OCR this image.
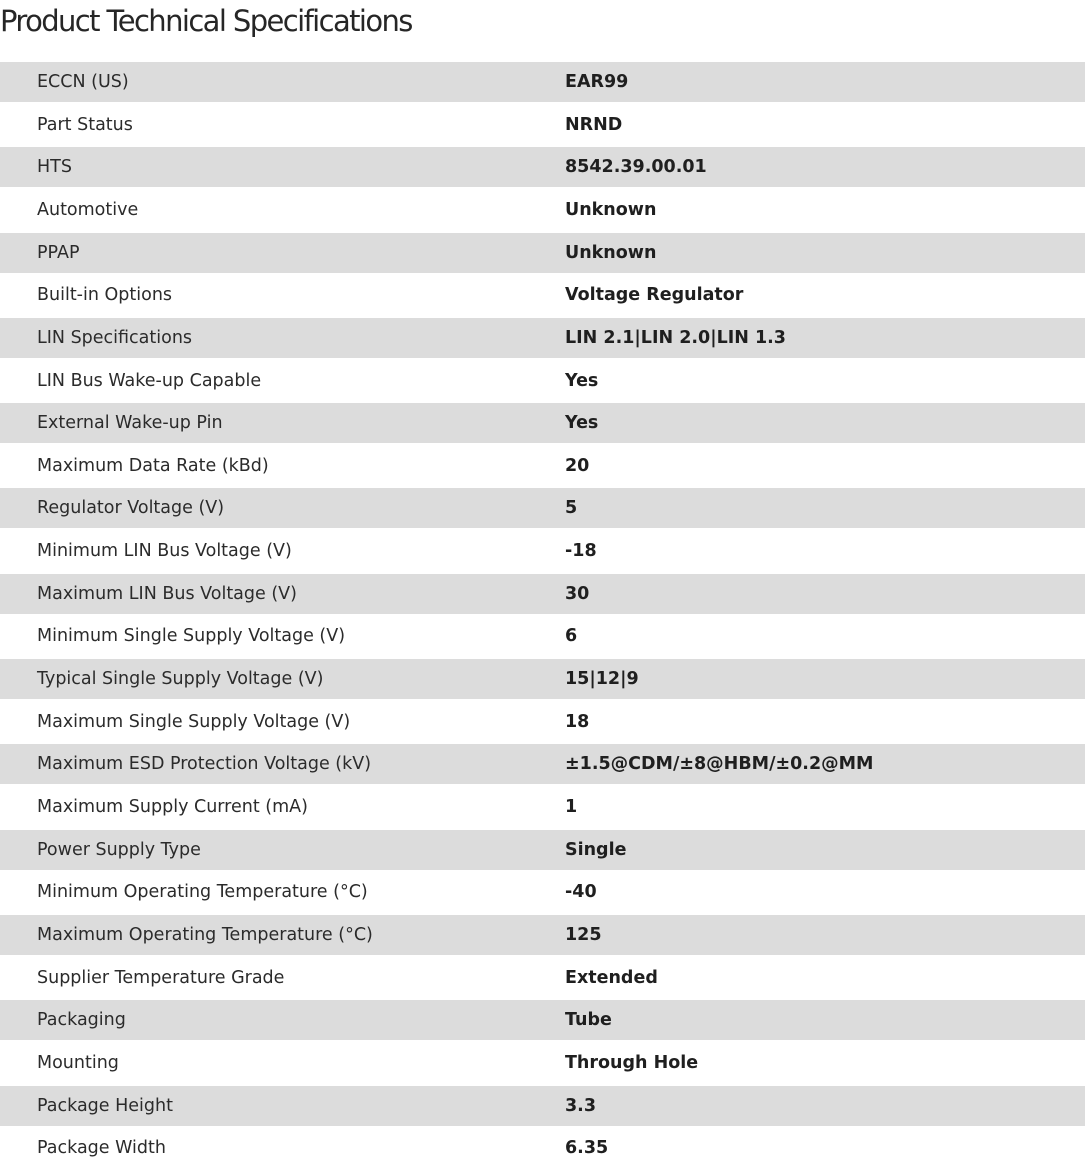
Product Technical Specifications
ECCN (US)	EAR99
Part Status	NRND
HTS	8542.39.00.01
Automotive	Unknown
PPAP	Unknown
Built-in Options	Voltage Regulator
LIN Specifications	LIN 2.1|LIN 2.0|LIN 1.3
LIN Bus Wake-up Capable	Yes
External Wake-up Pin	Yes
Maximum Data Rate (kBd)	20
Regulator Voltage (V)	5
Minimum LIN Bus Voltage (V)	-18
Maximum LIN Bus Voltage (V)	30
Minimum Single Supply Voltage (V)	6
Typical Single Supply Voltage (V)	15|12|9
Maximum Single Supply Voltage (V)	18
Maximum ESD Protection Voltage (kV)	±1.5@CDM/±8@HBM/±0.2@MM
Maximum Supply Current (mA)	1
Power Supply Type	Single
Minimum Operating Temperature (°C)	-40
Maximum Operating Temperature (°C)	125
Supplier Temperature Grade	Extended
Packaging	Tube
Mounting	Through Hole
Package Height	3.3
Package Width	6.35
